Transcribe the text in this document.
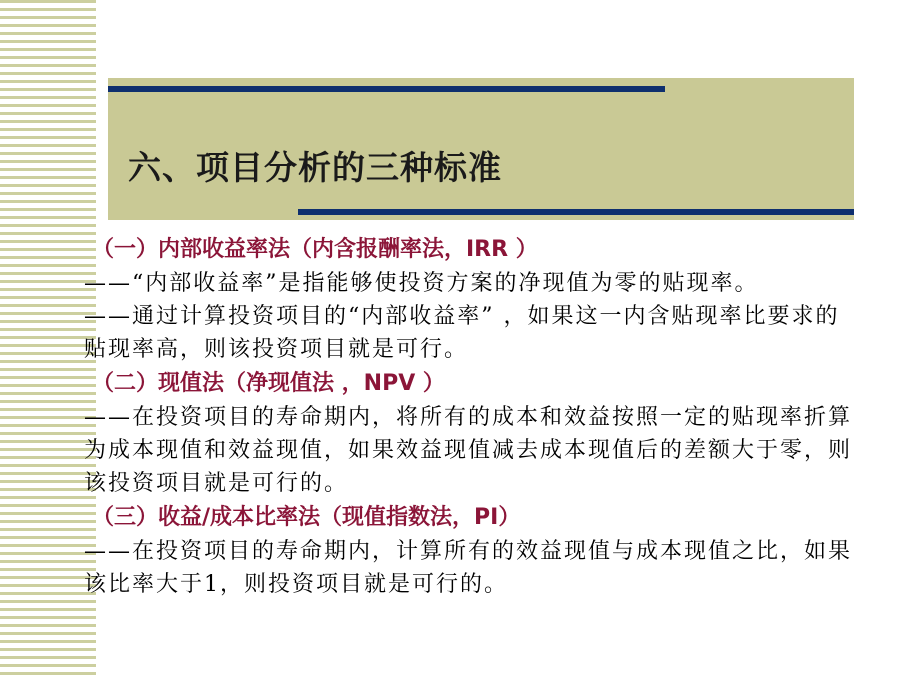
六、项目分析的三种标准
（一）内部收益率法（内含报酬率法，IRR ）
——“内部收益率”是指能够使投资方案的净现值为零的贴现率。
——通过计算投资项目的“内部收益率” ，如果这一内含贴现率比要求的贴现率高，则该投资项目就是可行。
（二）现值法（净现值法 ，NPV ）
——在投资项目的寿命期内，将所有的成本和效益按照一定的贴现率折算为成本现值和效益现值，如果效益现值减去成本现值后的差额大于零，则该投资项目就是可行的。
（三）收益/成本比率法（现值指数法，PI）
——在投资项目的寿命期内，计算所有的效益现值与成本现值之比，如果该比率大于1，则投资项目就是可行的。
